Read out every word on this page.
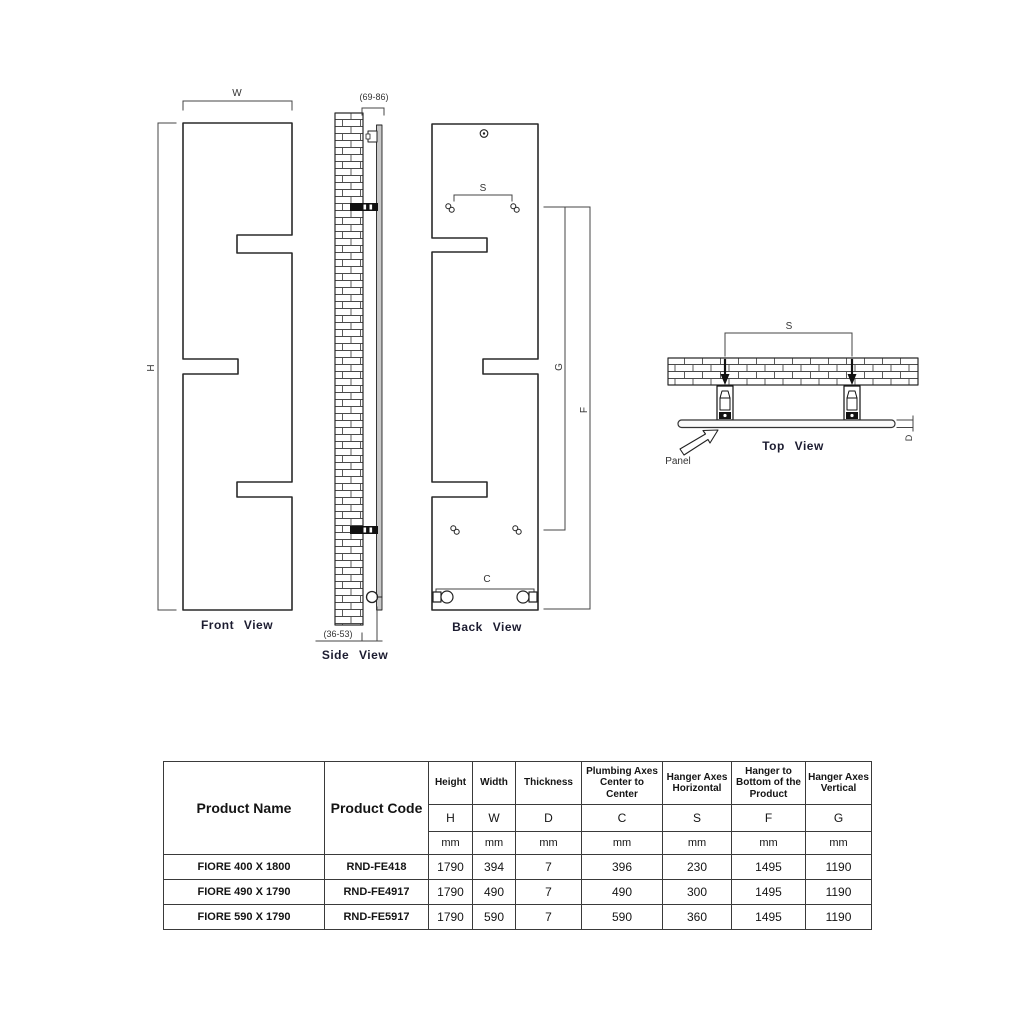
W
H
Front View
(69-86)
(36-53)
Side View
S
C
G
F
Back View
S
D
Panel
Top View
Product Name	Product Code	Height	Width	Thickness	Plumbing Axes Center to Center	Hanger Axes Horizontal	Hanger to Bottom of the Product	Hanger Axes Vertical
		H	W	D	C	S	F	G
		mm	mm	mm	mm	mm	mm	mm
FIORE 400 X 1800	RND-FE418	1790	394	7	396	230	1495	1190
FIORE 490 X 1790	RND-FE4917	1790	490	7	490	300	1495	1190
FIORE 590 X 1790	RND-FE5917	1790	590	7	590	360	1495	1190
